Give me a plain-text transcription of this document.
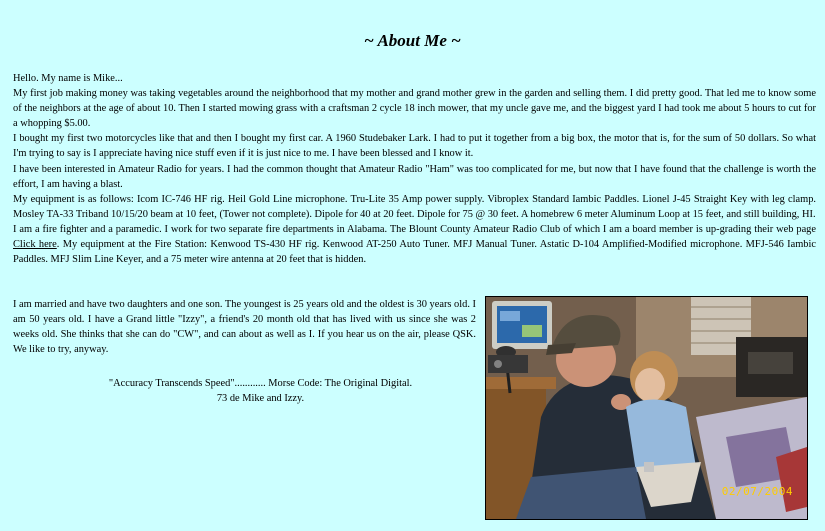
~ About Me ~

Hello. My name is Mike...

My first job making money was taking vegetables around the neighborhood that my mother and grand mother grew in the garden and selling them. I did pretty good. That led me to know some of the neighbors at the age of about 10. Then I started mowing grass with a craftsman 2 cycle 18 inch mower, that my uncle gave me, and the biggest yard I had took me about 5 hours to cut for a whopping $5.00.

I bought my first two motorcycles like that and then I bought my first car. A 1960 Studebaker Lark. I had to put it together from a big box, the motor that is, for the sum of 50 dollars. So what I'm trying to say is I appreciate having nice stuff even if it is just nice to me. I have been blessed and I know it.

I have been interested in Amateur Radio for years. I had the common thought that Amateur Radio "Ham" was too complicated for me, but now that I have found that the challenge is worth the effort, I am having a blast.

My equipment is as follows: Icom IC-746 HF rig. Heil Gold Line microphone. Tru-Lite 35 Amp power supply. Vibroplex Standard Iambic Paddles. Lionel J-45 Straight Key with leg clamp. Mosley TA-33 Triband 10/15/20 beam at 10 feet, (Tower not complete). Dipole for 40 at 20 feet. Dipole for 75 @ 30 feet. A homebrew 6 meter Aluminum Loop at 15 feet, and still building, HI.

I am a fire fighter and a paramedic. I work for two separate fire departments in Alabama. The Blount County Amateur Radio Club of which I am a board member is up-grading their web page Click here. My equipment at the Fire Station: Kenwood TS-430 HF rig. Kenwood AT-250 Auto Tuner. MFJ Manual Tuner. Astatic D-104 Amplified-Modified microphone. MFJ-546 Iambic Paddles. MFJ Slim Line Keyer, and a 75 meter wire antenna at 20 feet that is hidden.

I am married and have two daughters and one son. The youngest is 25 years old and the oldest is 30 years old. I am 50 years old. I have a Grand little "Izzy", a friend's 20 month old that has lived with us since she was 2 weeks old. She thinks that she can do "CW", and can about as well as I. If you hear us on the air, please QSK. We like to try, anyway.
"Accuracy Transcends Speed"............ Morse Code: The Original Digital.
73 de Mike and Izzy.
02/07/2004
